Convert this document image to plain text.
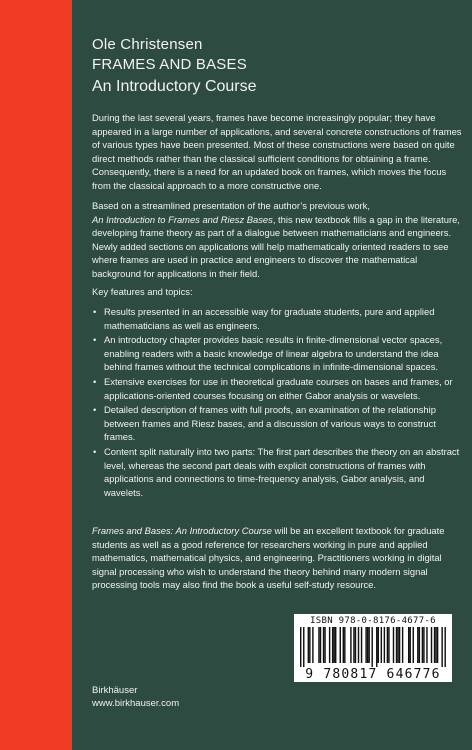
Ole Christensen
FRAMES AND BASES
An Introductory Course

During the last several years, frames have become increasingly popular; they have appeared in a large number of applications, and several concrete constructions of frames of various types have been presented. Most of these constructions were based on quite direct methods rather than the classical sufficient conditions for obtaining a frame. Consequently, there is a need for an updated book on frames, which moves the focus from the classical approach to a more constructive one.

Based on a streamlined presentation of the author’s previous work,
An Introduction to Frames and Riesz Bases, this new textbook fills a gap in the literature, developing frame theory as part of a dialogue between mathematicians and engineers. Newly added sections on applications will help mathematically oriented readers to see where frames are used in practice and engineers to discover the mathematical background for applications in their field.

Key features and topics:

• Results presented in an accessible way for graduate students, pure and applied mathematicians as well as engineers.
• An introductory chapter provides basic results in finite-dimensional vector spaces, enabling readers with a basic knowledge of linear algebra to understand the idea behind frames without the technical complications in infinite-dimensional spaces.
• Extensive exercises for use in theoretical graduate courses on bases and frames, or applications-oriented courses focusing on either Gabor analysis or wavelets.
• Detailed description of frames with full proofs, an examination of the relationship between frames and Riesz bases, and a discussion of various ways to construct frames.
• Content split naturally into two parts: The first part describes the theory on an abstract level, whereas the second part deals with explicit constructions of frames with applications and connections to time-frequency analysis, Gabor analysis, and wavelets.

Frames and Bases: An Introductory Course will be an excellent textbook for graduate students as well as a good reference for researchers working in pure and applied mathematics, mathematical physics, and engineering. Practitioners working in digital signal processing who wish to understand the theory behind many modern signal processing tools may also find the book a useful self-study resource.

ISBN 978-0-8176-4677-6
9 780817 646776
Birkhäuser
www.birkhauser.com
